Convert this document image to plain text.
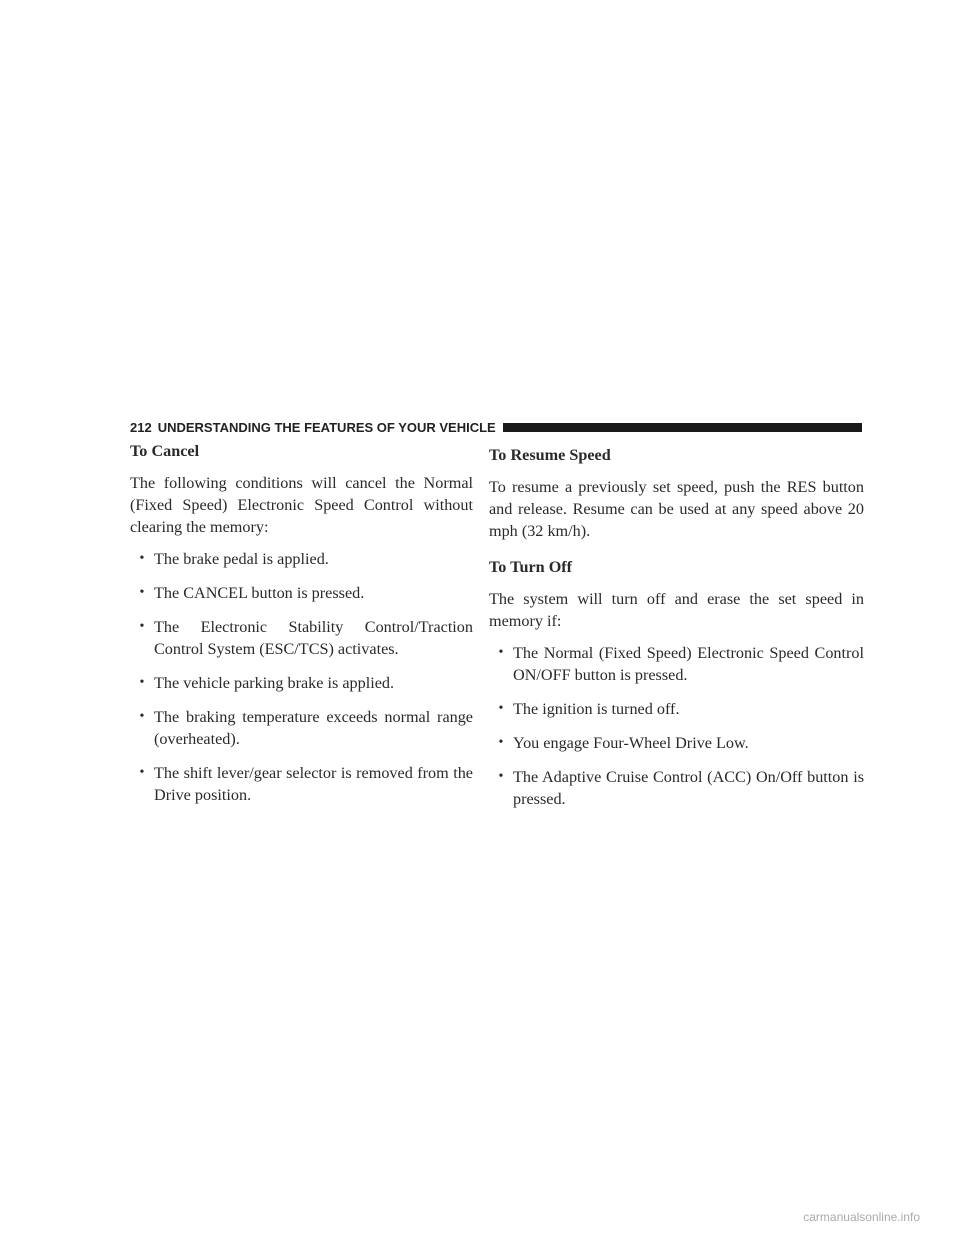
212 UNDERSTANDING THE FEATURES OF YOUR VEHICLE
To Cancel

The following conditions will cancel the Normal (Fixed Speed) Electronic Speed Control without clearing the memory:

• The brake pedal is applied.
• The CANCEL button is pressed.
• The Electronic Stability Control/Traction Control System (ESC/TCS) activates.
• The vehicle parking brake is applied.
• The braking temperature exceeds normal range (overheated).
• The shift lever/gear selector is removed from the Drive position.
To Resume Speed

To resume a previously set speed, push the RES button and release. Resume can be used at any speed above 20 mph (32 km/h).

To Turn Off

The system will turn off and erase the set speed in memory if:

• The Normal (Fixed Speed) Electronic Speed Control ON/OFF button is pressed.
• The ignition is turned off.
• You engage Four-Wheel Drive Low.
• The Adaptive Cruise Control (ACC) On/Off button is pressed.
carmanualsonline.info
